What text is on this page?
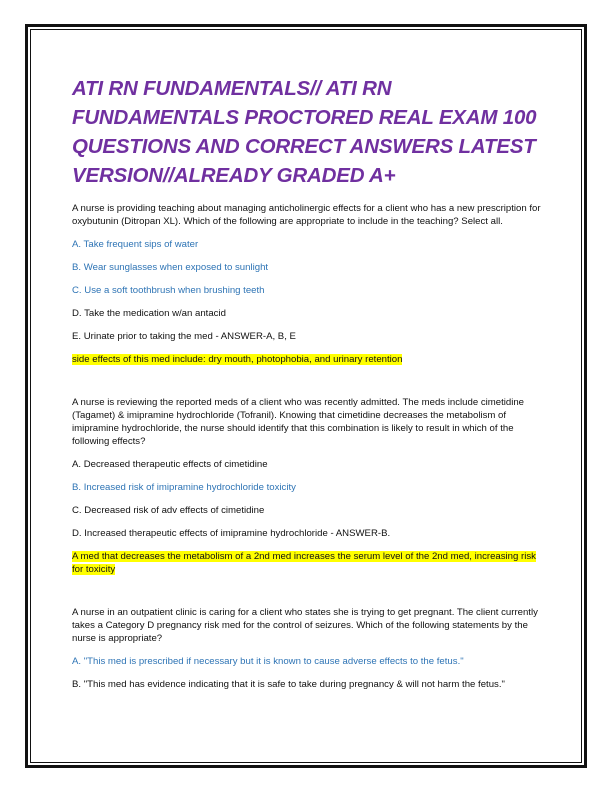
ATI RN FUNDAMENTALS// ATI RN FUNDAMENTALS PROCTORED REAL EXAM 100 QUESTIONS AND CORRECT ANSWERS LATEST VERSION//ALREADY GRADED A+

A nurse is providing teaching about managing anticholinergic effects for a client who has a new prescription for oxybutunin (Ditropan XL). Which of the following are appropriate to include in the teaching? Select all.

A. Take frequent sips of water

B. Wear sunglasses when exposed to sunlight

C. Use a soft toothbrush when brushing teeth

D. Take the medication w/an antacid

E. Urinate prior to taking the med - ANSWER-A, B, E

side effects of this med include: dry mouth, photophobia, and urinary retention

A nurse is reviewing the reported meds of a client who was recently admitted. The meds include cimetidine (Tagamet) & imipramine hydrochloride (Tofranil). Knowing that cimetidine decreases the metabolism of imipramine hydrochloride, the nurse should identify that this combination is likely to result in which of the following effects?

A. Decreased therapeutic effects of cimetidine

B. Increased risk of imipramine hydrochloride toxicity

C. Decreased risk of adv effects of cimetidine

D. Increased therapeutic effects of imipramine hydrochloride - ANSWER-B.

A med that decreases the metabolism of a 2nd med increases the serum level of the 2nd med, increasing risk for toxicity

A nurse in an outpatient clinic is caring for a client who states she is trying to get pregnant. The client currently takes a Category D pregnancy risk med for the control of seizures. Which of the following statements by the nurse is appropriate?

A. "This med is prescribed if necessary but it is known to cause adverse effects to the fetus."

B. "This med has evidence indicating that it is safe to take during pregnancy & will not harm the fetus."
